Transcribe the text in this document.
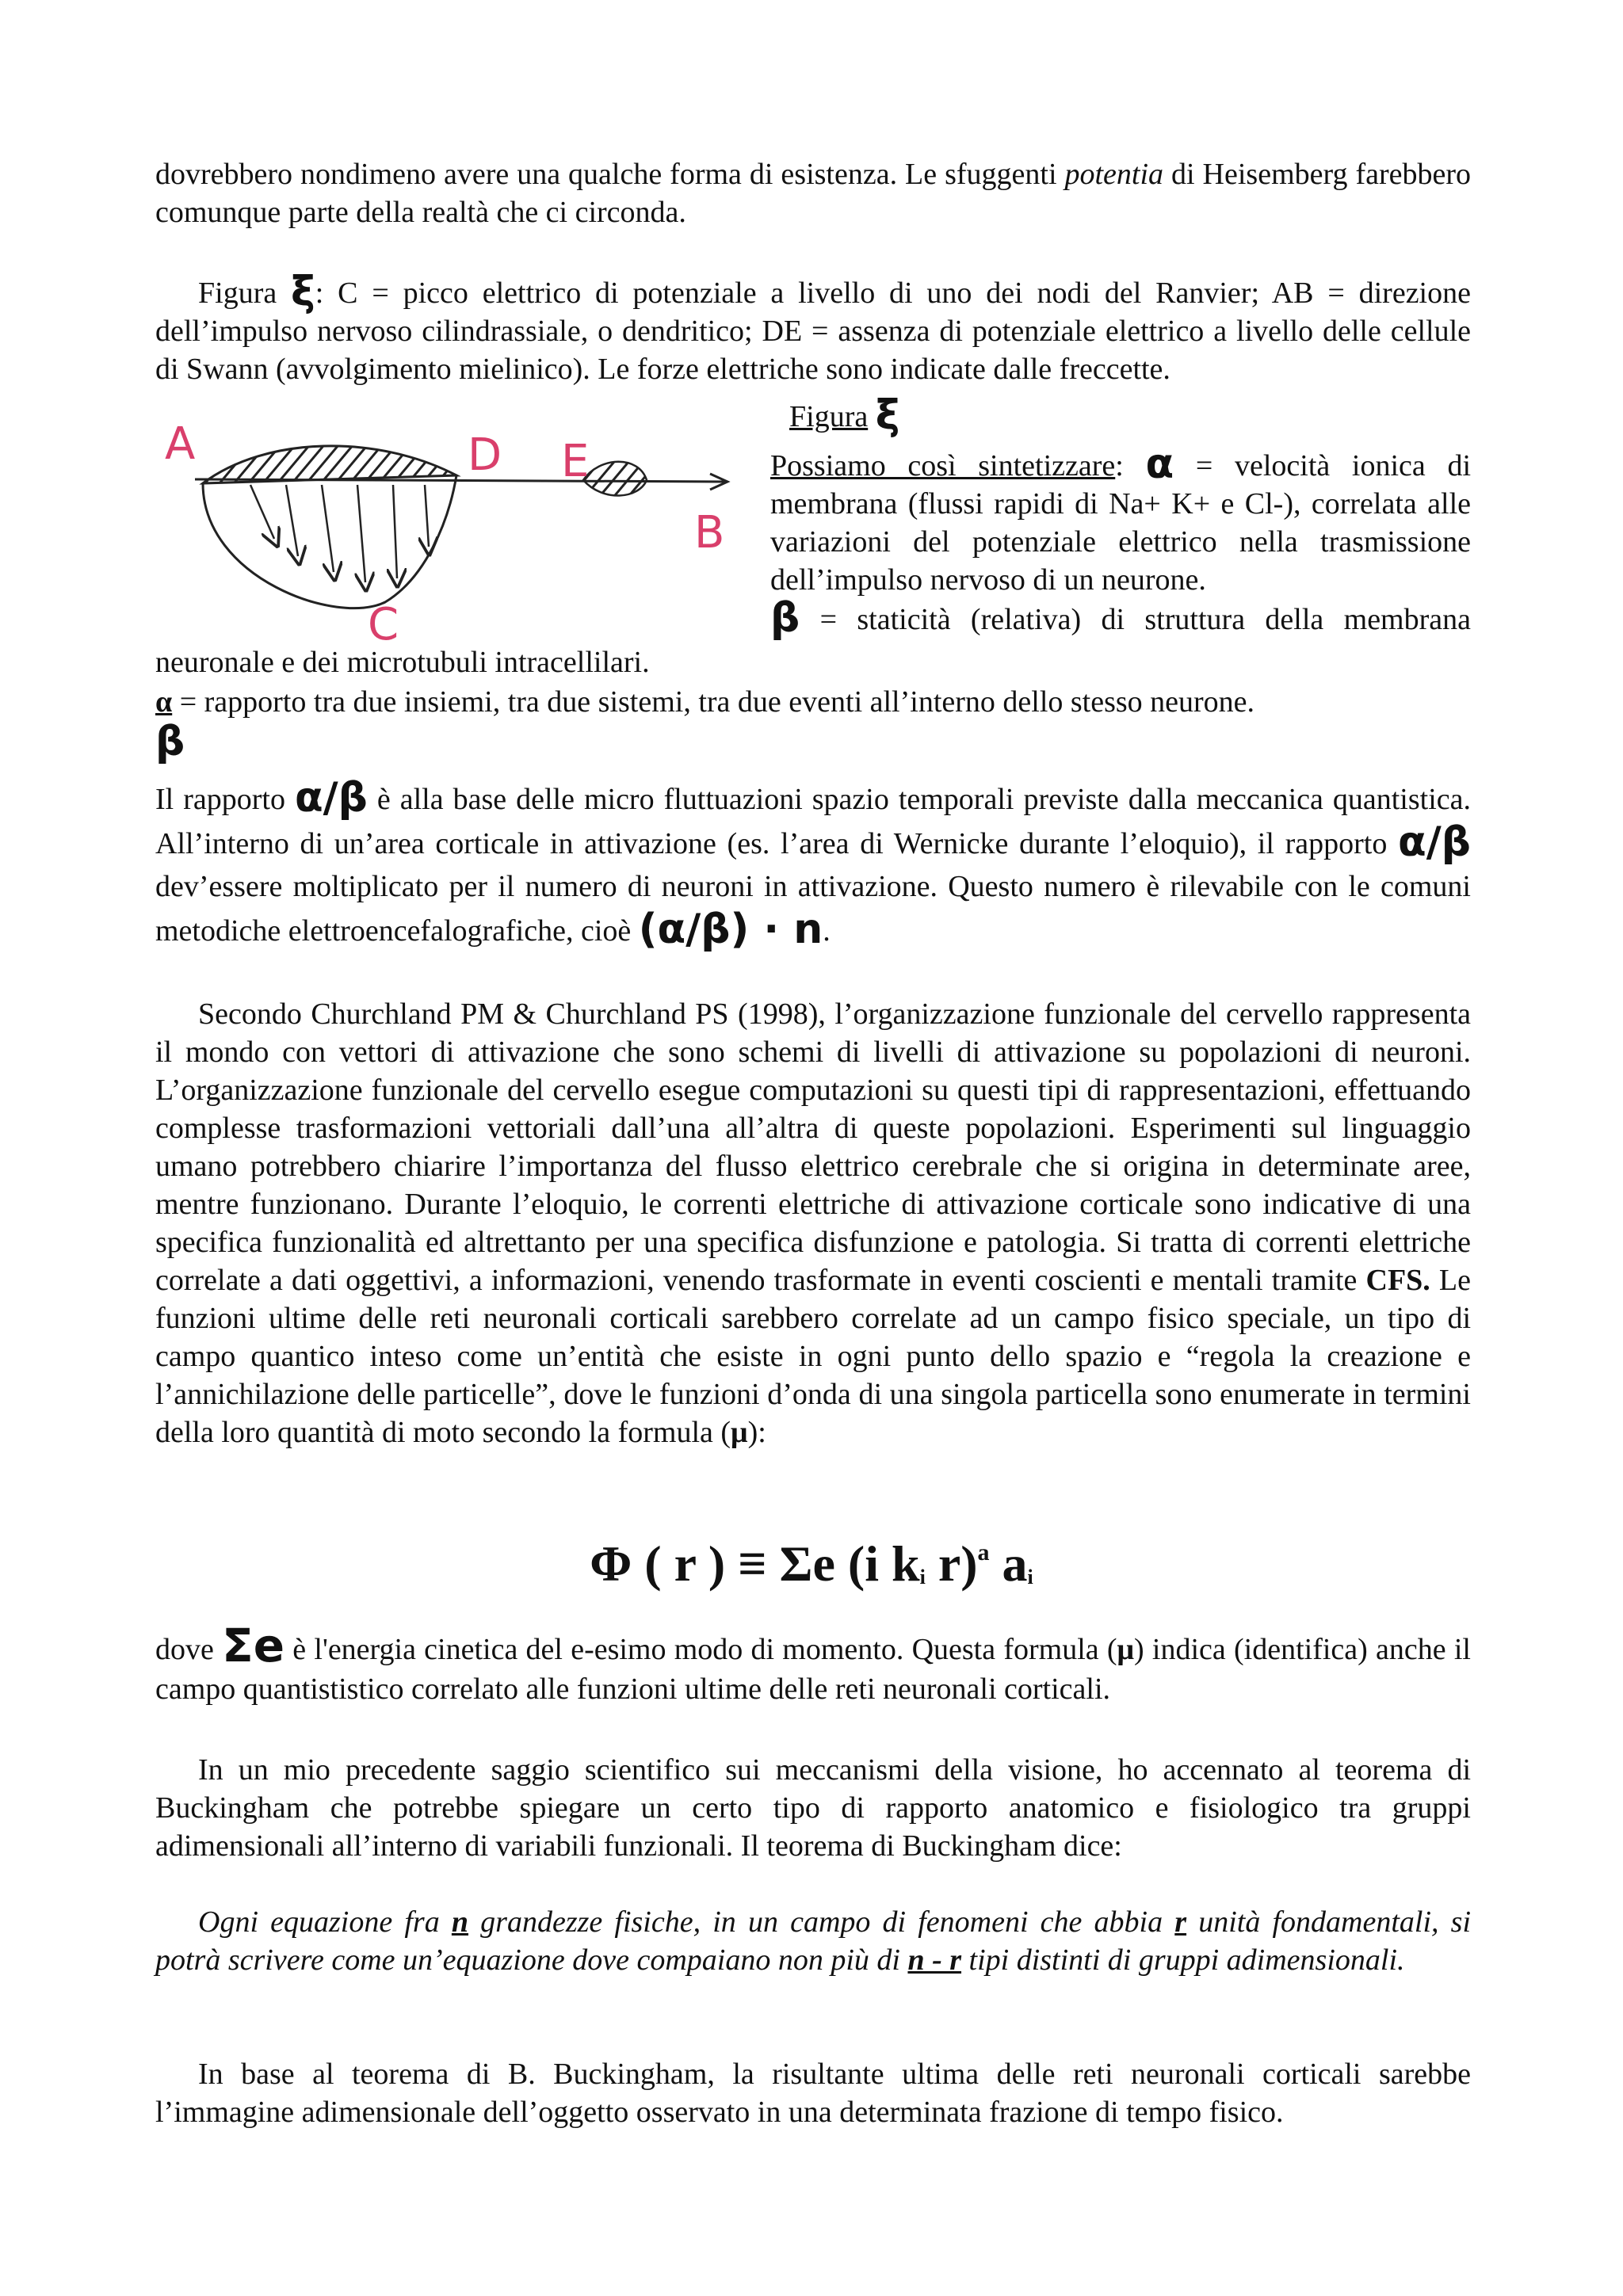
dovrebbero nondimeno avere una qualche forma di esistenza. Le sfuggenti potentia di Heisemberg farebbero comunque parte della realtà che ci circonda.

Figura ξ: C = picco elettrico di potenziale a livello di uno dei nodi del Ranvier; AB = direzione dell’impulso nervoso cilindrassiale, o dendritico; DE = assenza di potenziale elettrico a livello delle cellule di Swann (avvolgimento mielinico). Le forze elettriche sono indicate dalle freccette.

A	D E
B
C
Figura ξ

Possiamo così sintetizzare: α = velocità ionica di membrana (flussi rapidi di Na+ K+ e Cl-), correlata alle variazioni del potenziale elettrico nella trasmissione dell’impulso nervoso di un neurone.

β = staticità (relativa) di struttura della membrana

neuronale e dei microtubuli intracellilari.

α = rapporto tra due insiemi, tra due sistemi, tra due eventi all’interno dello stesso neurone.

β

Il rapporto α/β è alla base delle micro fluttuazioni spazio temporali previste dalla meccanica quantistica. All’interno di un’area corticale in attivazione (es. l’area di Wernicke durante l’eloquio), il rapporto α/β dev’essere moltiplicato per il numero di neuroni in attivazione. Questo numero è rilevabile con le comuni metodiche elettroencefalografiche, cioè (α/β) · n.

Secondo Churchland PM & Churchland PS (1998), l’organizzazione funzionale del cervello rappresenta il mondo con vettori di attivazione che sono schemi di livelli di attivazione su popolazioni di neuroni. L’organizzazione funzionale del cervello esegue computazioni su questi tipi di rappresentazioni, effettuando complesse trasformazioni vettoriali dall’una all’altra di queste popolazioni. Esperimenti sul linguaggio umano potrebbero chiarire l’importanza del flusso elettrico cerebrale che si origina in determinate aree, mentre funzionano. Durante l’eloquio, le correnti elettriche di attivazione corticale sono indicative di una specifica funzionalità ed altrettanto per una specifica disfunzione e patologia. Si tratta di correnti elettriche correlate a dati oggettivi, a informazioni, venendo trasformate in eventi coscienti e mentali tramite CFS. Le funzioni ultime delle reti neuronali corticali sarebbero correlate ad un campo fisico speciale, un tipo di campo quantico inteso come un’entità che esiste in ogni punto dello spazio e “regola la creazione e l’annichilazione delle particelle”, dove le funzioni d’onda di una singola particella sono enumerate in termini della loro quantità di moto secondo la formula (μ):

Φ ( r ) ≡ Σe (i $k_i$ r)$^a$ $a_i$

dove Σe è l'energia cinetica del e-esimo modo di momento. Questa formula (μ) indica (identifica) anche il campo quantististico correlato alle funzioni ultime delle reti neuronali corticali.

In un mio precedente saggio scientifico sui meccanismi della visione, ho accennato al teorema di Buckingham che potrebbe spiegare un certo tipo di rapporto anatomico e fisiologico tra gruppi adimensionali all’interno di variabili funzionali. Il teorema di Buckingham dice:

Ogni equazione fra n grandezze fisiche, in un campo di fenomeni che abbia r unità fondamentali, si potrà scrivere come un’equazione dove compaiano non più di n - r tipi distinti di gruppi adimensionali.

In base al teorema di B. Buckingham, la risultante ultima delle reti neuronali corticali sarebbe l’immagine adimensionale dell’oggetto osservato in una determinata frazione di tempo fisico.
